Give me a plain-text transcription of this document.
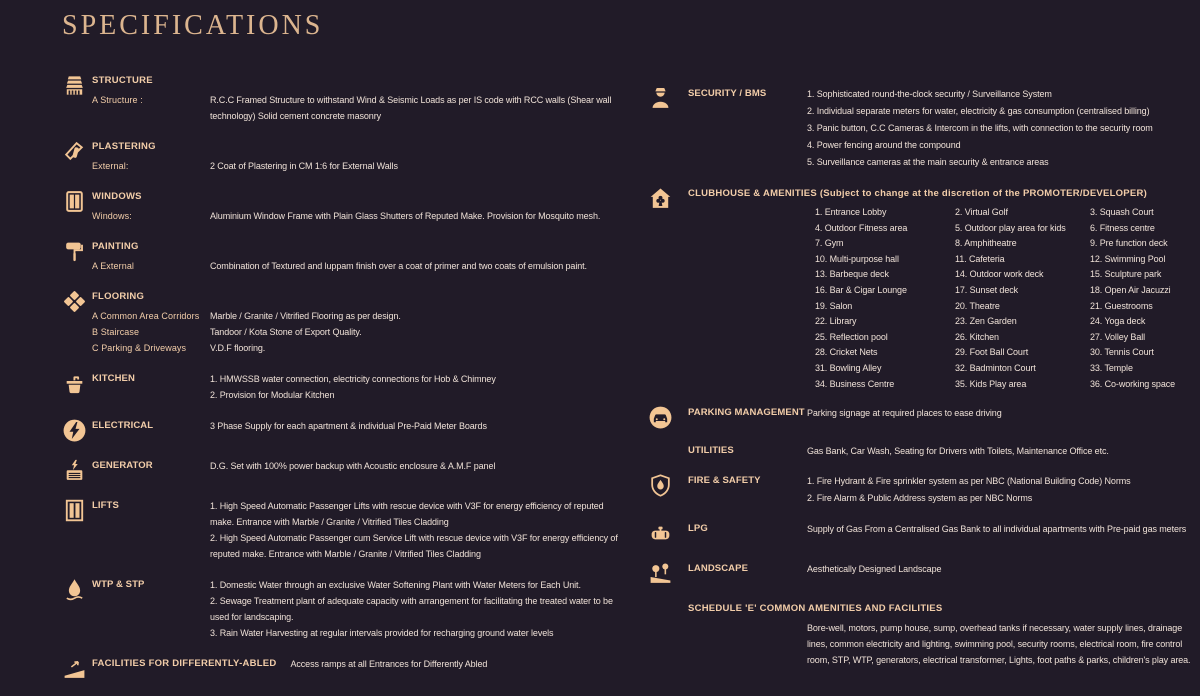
SPECIFICATIONS
STRUCTURE
A Structure :	R.C.C Framed Structure to withstand Wind & Seismic Loads as per IS code with RCC walls (Shear wall technology) Solid cement concrete masonry
PLASTERING
External:	2 Coat of Plastering in CM 1:6 for External Walls
WINDOWS
Windows:	Aluminium Window Frame with Plain Glass Shutters of Reputed Make. Provision for Mosquito mesh.
PAINTING
A External	Combination of Textured and luppam finish over a coat of primer and two coats of emulsion paint.
FLOORING
A Common Area Corridors	Marble / Granite / Vitrified Flooring as per design.
B Staircase	Tandoor / Kota Stone of Export Quality.
C Parking & Driveways	V.D.F flooring.
KITCHEN	1. HMWSSB water connection, electricity connections for Hob & Chimney
2. Provision for Modular Kitchen
ELECTRICAL	3 Phase Supply for each apartment & individual Pre-Paid Meter Boards
GENERATOR	D.G. Set with 100% power backup with Acoustic enclosure & A.M.F panel
LIFTS	1. High Speed Automatic Passenger Lifts with rescue device with V3F for energy efficiency of reputed make. Entrance with Marble / Granite / Vitrified Tiles Cladding
2. High Speed Automatic Passenger cum Service Lift with rescue device with V3F for energy efficiency of reputed make. Entrance with Marble / Granite / Vitrified Tiles Cladding
WTP & STP	1. Domestic Water through an exclusive Water Softening Plant with Water Meters for Each Unit.
2. Sewage Treatment plant of adequate capacity with arrangement for facilitating the treated water to be used for landscaping.
3. Rain Water Harvesting at regular intervals provided for recharging ground water levels
FACILITIES FOR DIFFERENTLY-ABLED Access ramps at all Entrances for Differently Abled
SECURITY / BMS	1. Sophisticated round-the-clock security / Surveillance System
2. Individual separate meters for water, electricity & gas consumption (centralised billing)
3. Panic button, C.C Cameras & Intercom in the lifts, with connection to the security room
4. Power fencing around the compound
5. Surveillance cameras at the main security & entrance areas
CLUBHOUSE & AMENITIES (Subject to change at the discretion of the PROMOTER/DEVELOPER)
1. Entrance Lobby	2. Virtual Golf	3. Squash Court
4. Outdoor Fitness area	5. Outdoor play area for kids	6. Fitness centre
7. Gym	8. Amphitheatre	9. Pre function deck
10. Multi-purpose hall	11. Cafeteria	12. Swimming Pool
13. Barbeque deck	14. Outdoor work deck	15. Sculpture park
16. Bar & Cigar Lounge	17. Sunset deck	18. Open Air Jacuzzi
19. Salon	20. Theatre	21. Guestrooms
22. Library	23. Zen Garden	24. Yoga deck
25. Reflection pool	26. Kitchen	27. Volley Ball
28. Cricket Nets	29. Foot Ball Court	30. Tennis Court
31. Bowling Alley	32. Badminton Court	33. Temple
34. Business Centre	35. Kids Play area	36. Co-working space
PARKING MANAGEMENT Parking signage at required places to ease driving
UTILITIES	Gas Bank, Car Wash, Seating for Drivers with Toilets, Maintenance Office etc.
FIRE & SAFETY	1. Fire Hydrant & Fire sprinkler system as per NBC (National Building Code) Norms
2. Fire Alarm & Public Address system as per NBC Norms
LPG	Supply of Gas From a Centralised Gas Bank to all individual apartments with Pre-paid gas meters
LANDSCAPE	Aesthetically Designed Landscape
SCHEDULE 'E' COMMON AMENITIES AND FACILITIES
Bore-well, motors, pump house, sump, overhead tanks if necessary, water supply lines, drainage lines, common electricity and lighting, swimming pool, security rooms, electrical room, fire control room, STP, WTP, generators, electrical transformer, Lights, foot paths & parks, children's play area.
